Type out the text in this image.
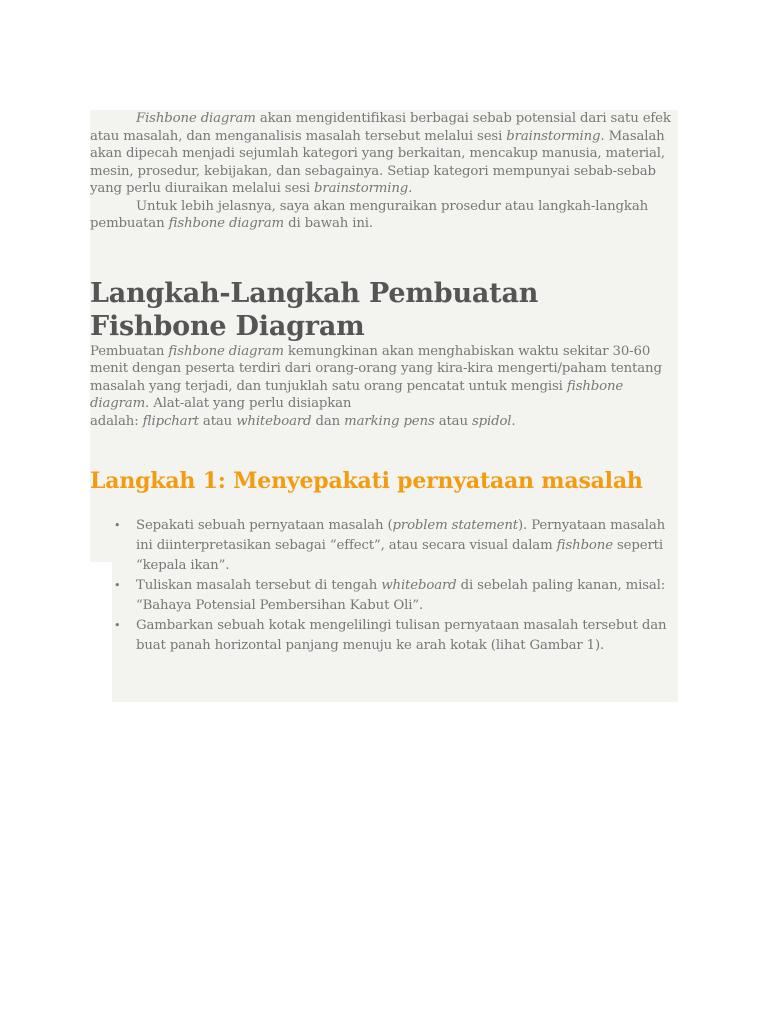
Fishbone diagram akan mengidentifikasi berbagai sebab potensial dari satu efek atau masalah, dan menganalisis masalah tersebut melalui sesi brainstorming. Masalah akan dipecah menjadi sejumlah kategori yang berkaitan, mencakup manusia, material, mesin, prosedur, kebijakan, dan sebagainya. Setiap kategori mempunyai sebab-sebab yang perlu diuraikan melalui sesi brainstorming.

Untuk lebih jelasnya, saya akan menguraikan prosedur atau langkah-langkah pembuatan fishbone diagram di bawah ini.

Langkah-Langkah Pembuatan Fishbone Diagram

Pembuatan fishbone diagram kemungkinan akan menghabiskan waktu sekitar 30-60 menit dengan peserta terdiri dari orang-orang yang kira-kira mengerti/paham tentang masalah yang terjadi, dan tunjuklah satu orang pencatat untuk mengisi fishbone diagram. Alat-alat yang perlu disiapkan
adalah: flipchart atau whiteboard dan marking pens atau spidol.

Langkah 1: Menyepakati pernyataan masalah
• Sepakati sebuah pernyataan masalah (problem statement). Pernyataan masalah ini diinterpretasikan sebagai “effect”, atau secara visual dalam fishbone seperti “kepala ikan”.
• Tuliskan masalah tersebut di tengah whiteboard di sebelah paling kanan, misal: “Bahaya Potensial Pembersihan Kabut Oli”.
• Gambarkan sebuah kotak mengelilingi tulisan pernyataan masalah tersebut dan buat panah horizontal panjang menuju ke arah kotak (lihat Gambar 1).
